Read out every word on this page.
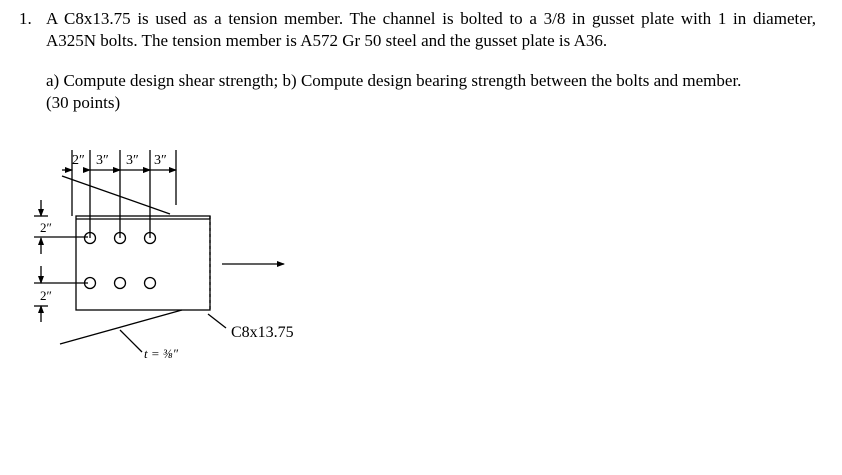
1. A C8x13.75 is used as a tension member. The channel is bolted to a 3/8 in gusset plate with 1 in diameter, A325N bolts. The tension member is A572 Gr 50 steel and the gusset plate is A36.
a) Compute design shear strength; b) Compute design bearing strength between the bolts and member.
(30 points)
2″ 3″ 3″ 3″
2″
2″
C8x13.75
t = ⅜″
